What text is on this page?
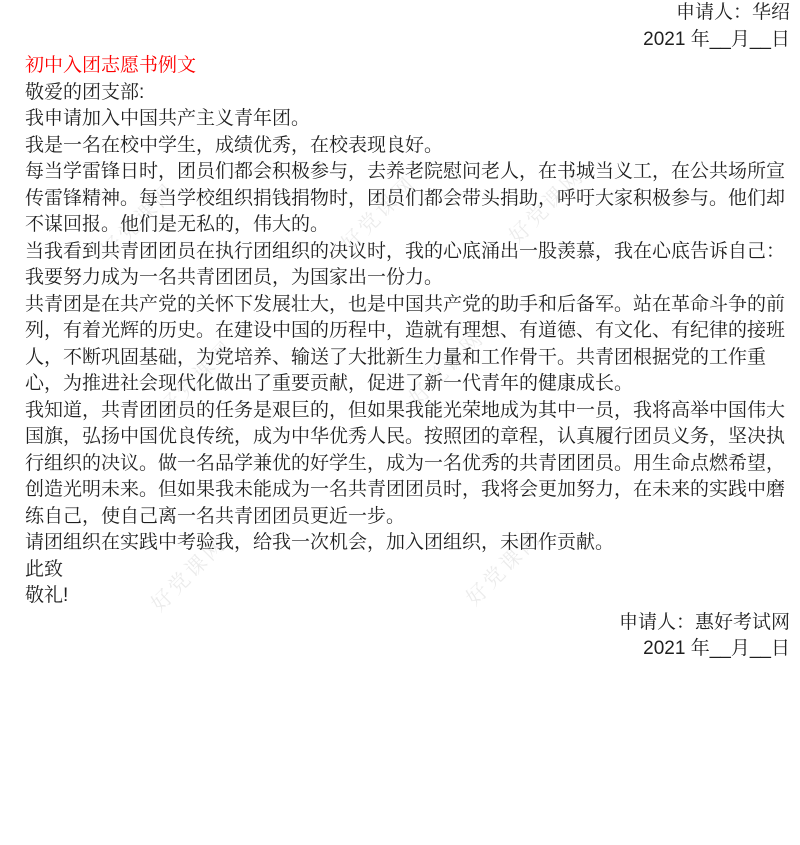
好党课网	好党课网	好党课网
好党课网	好党课网
好党课网	好党课网

申请人：华绍

2021 年__月__日

初中入团志愿书例文

敬爱的团支部:

我申请加入中国共产主义青年团。

我是一名在校中学生，成绩优秀，在校表现良好。

每当学雷锋日时，团员们都会积极参与，去养老院慰问老人，在书城当义工，在公共场所宣传雷锋精神。每当学校组织捐钱捐物时，团员们都会带头捐助，呼吁大家积极参与。他们却不谋回报。他们是无私的，伟大的。

当我看到共青团团员在执行团组织的决议时，我的心底涌出一股羡慕，我在心底告诉自己：我要努力成为一名共青团团员，为国家出一份力。

共青团是在共产党的关怀下发展壮大，也是中国共产党的助手和后备军。站在革命斗争的前列，有着光辉的历史。在建设中国的历程中，造就有理想、有道德、有文化、有纪律的接班人，不断巩固基础，为党培养、输送了大批新生力量和工作骨干。共青团根据党的工作重心，为推进社会现代化做出了重要贡献，促进了新一代青年的健康成长。

我知道，共青团团员的任务是艰巨的，但如果我能光荣地成为其中一员，我将高举中国伟大国旗，弘扬中国优良传统，成为中华优秀人民。按照团的章程，认真履行团员义务，坚决执行组织的决议。做一名品学兼优的好学生，成为一名优秀的共青团团员。用生命点燃希望，创造光明未来。但如果我未能成为一名共青团团员时，我将会更加努力，在未来的实践中磨练自己，使自己离一名共青团团员更近一步。

请团组织在实践中考验我，给我一次机会，加入团组织，未团作贡献。

此致

敬礼!

申请人：惠好考试网

2021 年__月__日
